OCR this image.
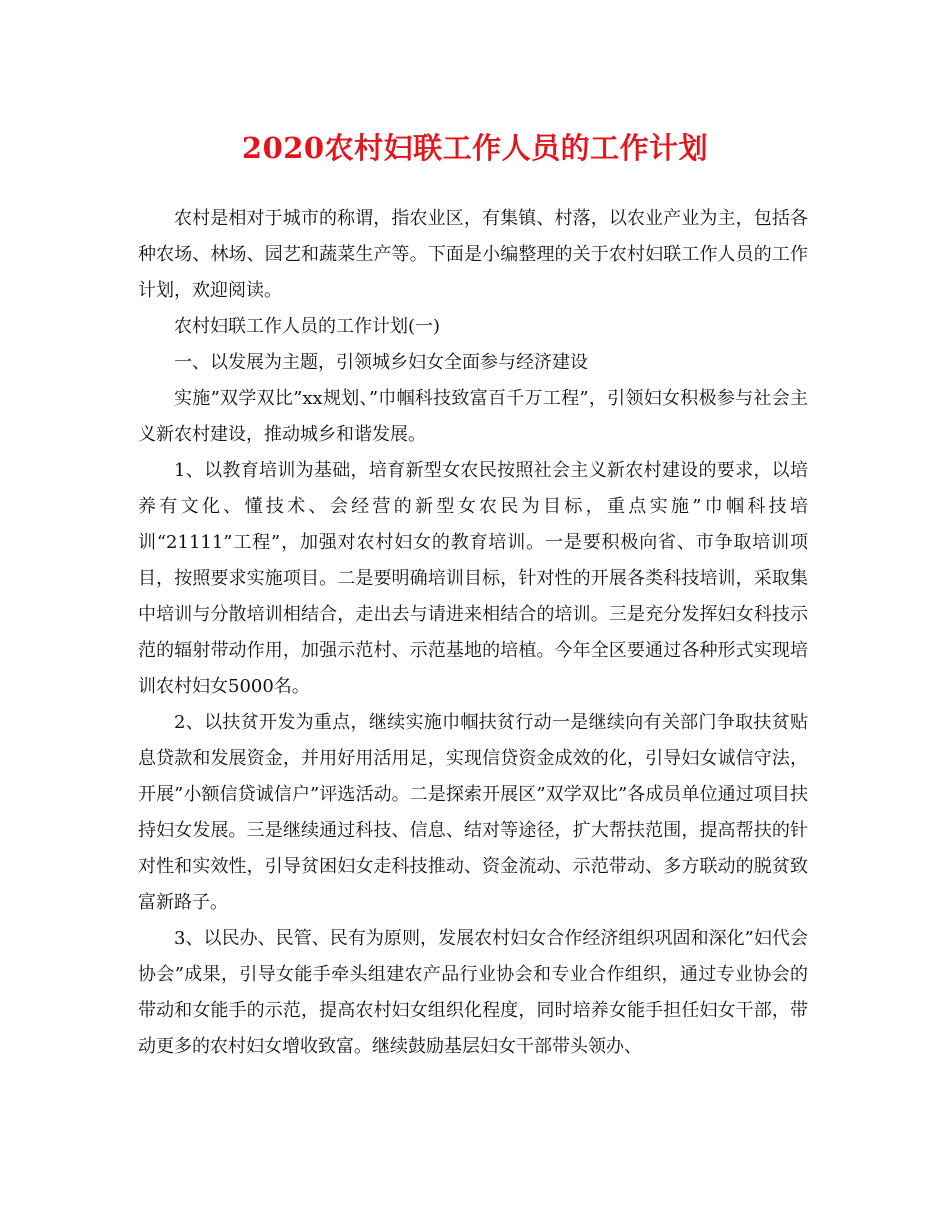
2020农村妇联工作人员的工作计划

农村是相对于城市的称谓，指农业区，有集镇、村落，以农业产业为主，包括各种农场、林场、园艺和蔬菜生产等。下面是小编整理的关于农村妇联工作人员的工作计划，欢迎阅读。

农村妇联工作人员的工作计划(一)

一、以发展为主题，引领城乡妇女全面参与经济建设

实施”双学双比”xx规划、”巾帼科技致富百千万工程”，引领妇女积极参与社会主义新农村建设，推动城乡和谐发展。

1、以教育培训为基础，培育新型女农民按照社会主义新农村建设的要求，以培养有文化、懂技术、会经营的新型女农民为目标，重点实施”巾帼科技培训“21111”工程”，加强对农村妇女的教育培训。一是要积极向省、市争取培训项目，按照要求实施项目。二是要明确培训目标，针对性的开展各类科技培训，采取集中培训与分散培训相结合，走出去与请进来相结合的培训。三是充分发挥妇女科技示范的辐射带动作用，加强示范村、示范基地的培植。今年全区要通过各种形式实现培训农村妇女5000名。

2、以扶贫开发为重点，继续实施巾帼扶贫行动一是继续向有关部门争取扶贫贴息贷款和发展资金，并用好用活用足，实现信贷资金成效的化，引导妇女诚信守法，开展”小额信贷诚信户”评选活动。二是探索开展区”双学双比”各成员单位通过项目扶持妇女发展。三是继续通过科技、信息、结对等途径，扩大帮扶范围，提高帮扶的针对性和实效性，引导贫困妇女走科技推动、资金流动、示范带动、多方联动的脱贫致富新路子。

3、以民办、民管、民有为原则，发展农村妇女合作经济组织巩固和深化”妇代会协会”成果，引导女能手牵头组建农产品行业协会和专业合作组织，通过专业协会的带动和女能手的示范，提高农村妇女组织化程度，同时培养女能手担任妇女干部，带动更多的农村妇女增收致富。继续鼓励基层妇女干部带头领办、
